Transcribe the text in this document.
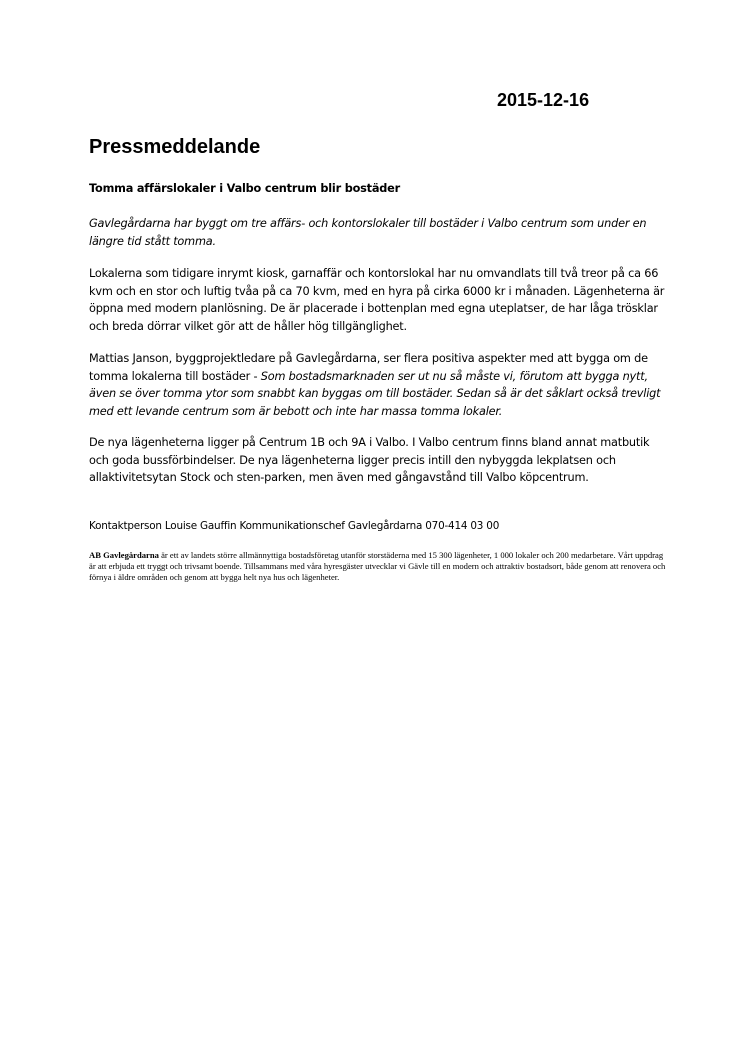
2015-12-16
Pressmeddelande

Tomma affärslokaler i Valbo centrum blir bostäder

Gavlegårdarna har byggt om tre affärs- och kontorslokaler till bostäder i Valbo centrum som under en längre tid stått tomma.

Lokalerna som tidigare inrymt kiosk, garnaffär och kontorslokal har nu omvandlats till två treor på ca 66 kvm och en stor och luftig tvåa på ca 70 kvm, med en hyra på cirka 6000 kr i månaden. Lägenheterna är öppna med modern planlösning. De är placerade i bottenplan med egna uteplatser, de har låga trösklar och breda dörrar vilket gör att de håller hög tillgänglighet.

Mattias Janson, byggprojektledare på Gavlegårdarna, ser flera positiva aspekter med att bygga om de tomma lokalerna till bostäder - Som bostadsmarknaden ser ut nu så måste vi, förutom att bygga nytt, även se över tomma ytor som snabbt kan byggas om till bostäder. Sedan så är det såklart också trevligt med ett levande centrum som är bebott och inte har massa tomma lokaler.

De nya lägenheterna ligger på Centrum 1B och 9A i Valbo. I Valbo centrum finns bland annat matbutik och goda bussförbindelser. De nya lägenheterna ligger precis intill den nybyggda lekplatsen och allaktivitetsytan Stock och sten-parken, men även med gångavstånd till Valbo köpcentrum.

Kontaktperson Louise Gauffin Kommunikationschef Gavlegårdarna 070-414 03 00

AB Gavlegårdarna är ett av landets större allmännyttiga bostadsföretag utanför storstäderna med 15 300 lägenheter, 1 000 lokaler och 200 medarbetare. Vårt uppdrag är att erbjuda ett tryggt och trivsamt boende. Tillsammans med våra hyresgäster utvecklar vi Gävle till en modern och attraktiv bostadsort, både genom att renovera och förnya i äldre områden och genom att bygga helt nya hus och lägenheter.
